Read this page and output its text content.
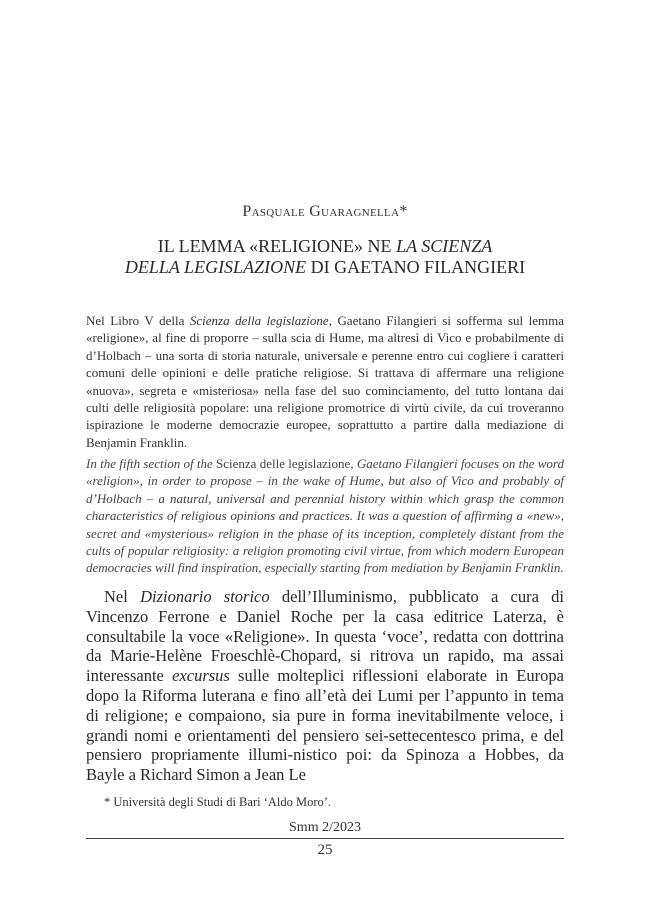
Pasquale Guaragnella*
IL LEMMA «RELIGIONE» NE LA SCIENZA
DELLA LEGISLAZIONE DI GAETANO FILANGIERI
Nel Libro V della Scienza della legislazione, Gaetano Filangieri si sofferma sul lemma «religione», al fine di proporre – sulla scia di Hume, ma altresì di Vico e probabilmente di d’Holbach – una sorta di storia naturale, universale e perenne entro cui cogliere i caratteri comuni delle opinioni e delle pratiche religiose. Si trattava di affermare una religione «nuova», segreta e «misteriosa» nella fase del suo cominciamento, del tutto lontana dai culti delle religiosità popolare: una religione promotrice di virtù civile, da cui troveranno ispirazione le moderne democrazie europee, soprattutto a partire dalla mediazione di Benjamin Franklin.
In the fifth section of the Scienza delle legislazione, Gaetano Filangieri focuses on the word «religion», in order to propose – in the wake of Hume, but also of Vico and probably of d’Holbach – a natural, universal and perennial history within which grasp the common characteristics of religious opinions and practices. It was a question of affirming a «new», secret and «mysterious» religion in the phase of its inception, completely distant from the cults of popular religiosity: a religion promoting civil virtue, from which modern European democracies will find inspiration, especially starting from mediation by Benjamin Franklin.
Nel Dizionario storico dell’Illuminismo, pubblicato a cura di Vincenzo Ferrone e Daniel Roche per la casa editrice Laterza, è consultabile la voce «Religione». In questa ‘voce’, redatta con dottrina da Marie-Helène Froeschlè-Chopard, si ritrova un rapido, ma assai interessante excursus sulle molteplici riflessioni elaborate in Europa dopo la Riforma luterana e fino all’età dei Lumi per l’appunto in tema di religione; e compaiono, sia pure in forma inevitabilmente veloce, i grandi nomi e orientamenti del pensiero sei-settecentesco prima, e del pensiero propriamente illumi-nistico poi: da Spinoza a Hobbes, da Bayle a Richard Simon a Jean Le
* Università degli Studi di Bari ‘Aldo Moro’.
Smm 2/2023
25
